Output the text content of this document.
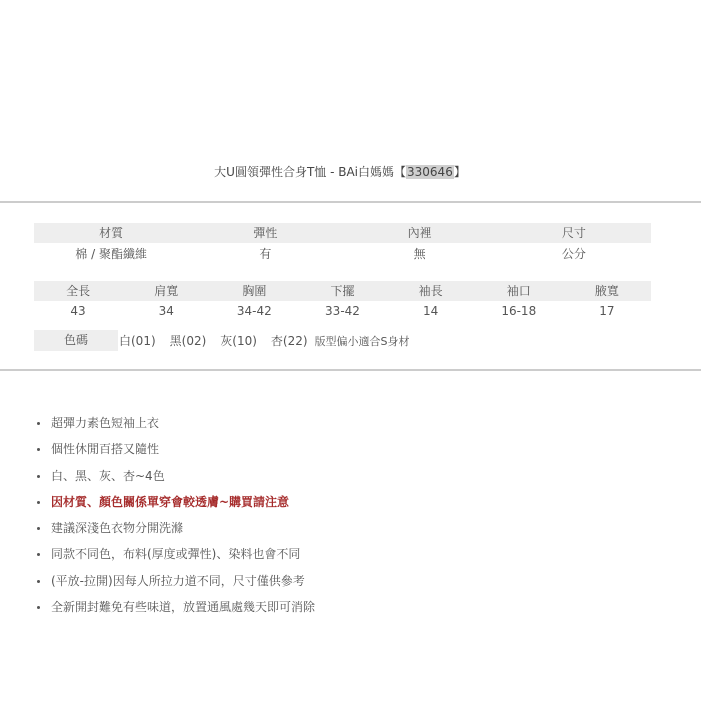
大U圓領彈性合身T恤 - BAi白媽媽【330646】
材質	彈性	內裡	尺寸
棉 / 聚酯纖維	有	無	公分
全長	肩寬	胸圍	下擺	袖長	袖口	腋寬
43	34	34-42	33-42	14	16-18	17
色碼	白(01) 黑(02) 灰(10) 杏(22) 版型偏小適合S身材
超彈力素色短袖上衣
個性休閒百搭又隨性
白、黑、灰、杏~4色
因材質、顏色關係單穿會較透膚~購買請注意
建議深淺色衣物分開洗滌
同款不同色，布料(厚度或彈性)、染料也會不同
(平放-拉開)因每人所拉力道不同，尺寸僅供參考
全新開封難免有些味道，放置通風處幾天即可消除
